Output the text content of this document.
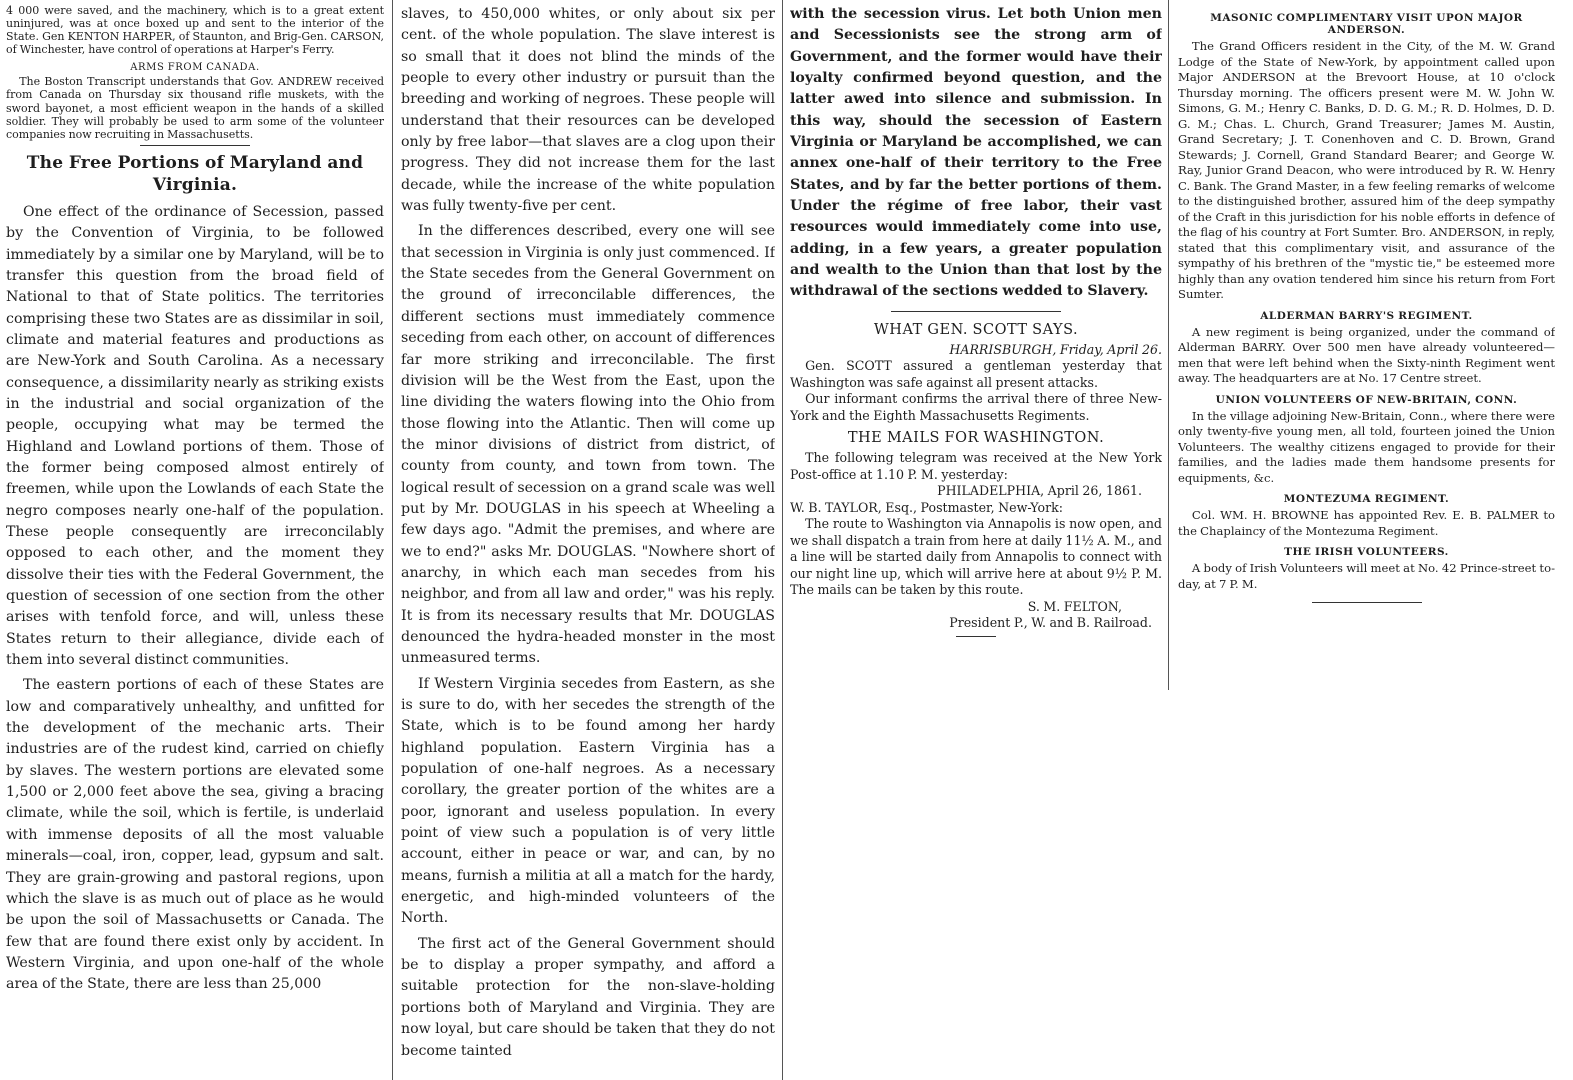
4 000 were saved, and the machinery, which is to a great extent uninjured, was at once boxed up and sent to the interior of the State. Gen KENTON HARPER, of Staunton, and Brig-Gen. CARSON, of Winchester, have control of operations at Harper's Ferry.

ARMS FROM CANADA.

The Boston Transcript understands that Gov. ANDREW received from Canada on Thursday six thousand rifle muskets, with the sword bayonet, a most efficient weapon in the hands of a skilled soldier. They will probably be used to arm some of the volunteer companies now recruiting in Massachusetts.

The Free Portions of Maryland and Virginia.

One effect of the ordinance of Secession, passed by the Convention of Virginia, to be followed immediately by a similar one by Maryland, will be to transfer this question from the broad field of National to that of State politics. The territories comprising these two States are as dissimilar in soil, climate and material features and productions as are New-York and South Carolina. As a necessary consequence, a dissimilarity nearly as striking exists in the industrial and social organization of the people, occupying what may be termed the Highland and Lowland portions of them. Those of the former being composed almost entirely of freemen, while upon the Lowlands of each State the negro composes nearly one-half of the population. These people consequently are irreconcilably opposed to each other, and the moment they dissolve their ties with the Federal Government, the question of secession of one section from the other arises with tenfold force, and will, unless these States return to their allegiance, divide each of them into several distinct communities.

The eastern portions of each of these States are low and comparatively unhealthy, and unfitted for the development of the mechanic arts. Their industries are of the rudest kind, carried on chiefly by slaves. The western portions are elevated some 1,500 or 2,000 feet above the sea, giving a bracing climate, while the soil, which is fertile, is underlaid with immense deposits of all the most valuable minerals—coal, iron, copper, lead, gypsum and salt. They are grain-growing and pastoral regions, upon which the slave is as much out of place as he would be upon the soil of Massachusetts or Canada. The few that are found there exist only by accident. In Western Virginia, and upon one-half of the whole area of the State, there are less than 25,000

slaves, to 450,000 whites, or only about six per cent. of the whole population. The slave interest is so small that it does not blind the minds of the people to every other industry or pursuit than the breeding and working of negroes. These people will understand that their resources can be developed only by free labor—that slaves are a clog upon their progress. They did not increase them for the last decade, while the increase of the white population was fully twenty-five per cent.

In the differences described, every one will see that secession in Virginia is only just commenced. If the State secedes from the General Government on the ground of irreconcilable differences, the different sections must immediately commence seceding from each other, on account of differences far more striking and irreconcilable. The first division will be the West from the East, upon the line dividing the waters flowing into the Ohio from those flowing into the Atlantic. Then will come up the minor divisions of district from district, of county from county, and town from town. The logical result of secession on a grand scale was well put by Mr. DOUGLAS in his speech at Wheeling a few days ago. "Admit the premises, and where are we to end?" asks Mr. DOUGLAS. "Nowhere short of anarchy, in which each man secedes from his neighbor, and from all law and order," was his reply. It is from its necessary results that Mr. DOUGLAS denounced the hydra-headed monster in the most unmeasured terms.

If Western Virginia secedes from Eastern, as she is sure to do, with her secedes the strength of the State, which is to be found among her hardy highland population. Eastern Virginia has a population of one-half negroes. As a necessary corollary, the greater portion of the whites are a poor, ignorant and useless population. In every point of view such a population is of very little account, either in peace or war, and can, by no means, furnish a militia at all a match for the hardy, energetic, and high-minded volunteers of the North.

The first act of the General Government should be to display a proper sympathy, and afford a suitable protection for the non-slave-holding portions both of Maryland and Virginia. They are now loyal, but care should be taken that they do not become tainted

with the secession virus. Let both Union men and Secessionists see the strong arm of Government, and the former would have their loyalty confirmed beyond question, and the latter awed into silence and submission. In this way, should the secession of Eastern Virginia or Maryland be accomplished, we can annex one-half of their territory to the Free States, and by far the better portions of them. Under the régime of free labor, their vast resources would immediately come into use, adding, in a few years, a greater population and wealth to the Union than that lost by the withdrawal of the sections wedded to Slavery.

WHAT GEN. SCOTT SAYS.

HARRISBURGH, Friday, April 26.

Gen. SCOTT assured a gentleman yesterday that Washington was safe against all present attacks.

Our informant confirms the arrival there of three New-York and the Eighth Massachusetts Regiments.

THE MAILS FOR WASHINGTON.

The following telegram was received at the New York Post-office at 1.10 P. M. yesterday:

PHILADELPHIA, April 26, 1861.

W. B. TAYLOR, Esq., Postmaster, New-York:

The route to Washington via Annapolis is now open, and we shall dispatch a train from here at daily 11½ A. M., and a line will be started daily from Annapolis to connect with our night line up, which will arrive here at about 9½ P. M. The mails can be taken by this route.

S. M. FELTON,

President P., W. and B. Railroad.

MASONIC COMPLIMENTARY VISIT UPON MAJOR ANDERSON.

The Grand Officers resident in the City, of the M. W. Grand Lodge of the State of New-York, by appointment called upon Major ANDERSON at the Brevoort House, at 10 o'clock Thursday morning. The officers present were M. W. John W. Simons, G. M.; Henry C. Banks, D. D. G. M.; R. D. Holmes, D. D. G. M.; Chas. L. Church, Grand Treasurer; James M. Austin, Grand Secretary; J. T. Conenhoven and C. D. Brown, Grand Stewards; J. Cornell, Grand Standard Bearer; and George W. Ray, Junior Grand Deacon, who were introduced by R. W. Henry C. Bank. The Grand Master, in a few feeling remarks of welcome to the distinguished brother, assured him of the deep sympathy of the Craft in this jurisdiction for his noble efforts in defence of the flag of his country at Fort Sumter. Bro. ANDERSON, in reply, stated that this complimentary visit, and assurance of the sympathy of his brethren of the "mystic tie," be esteemed more highly than any ovation tendered him since his return from Fort Sumter.

ALDERMAN BARRY'S REGIMENT.

A new regiment is being organized, under the command of Alderman BARRY. Over 500 men have already volunteered—men that were left behind when the Sixty-ninth Regiment went away. The headquarters are at No. 17 Centre street.

UNION VOLUNTEERS OF NEW-BRITAIN, CONN.

In the village adjoining New-Britain, Conn., where there were only twenty-five young men, all told, fourteen joined the Union Volunteers. The wealthy citizens engaged to provide for their families, and the ladies made them handsome presents for equipments, &c.

MONTEZUMA REGIMENT.

Col. WM. H. BROWNE has appointed Rev. E. B. PALMER to the Chaplaincy of the Montezuma Regiment.

THE IRISH VOLUNTEERS.

A body of Irish Volunteers will meet at No. 42 Prince-street to-day, at 7 P. M.
